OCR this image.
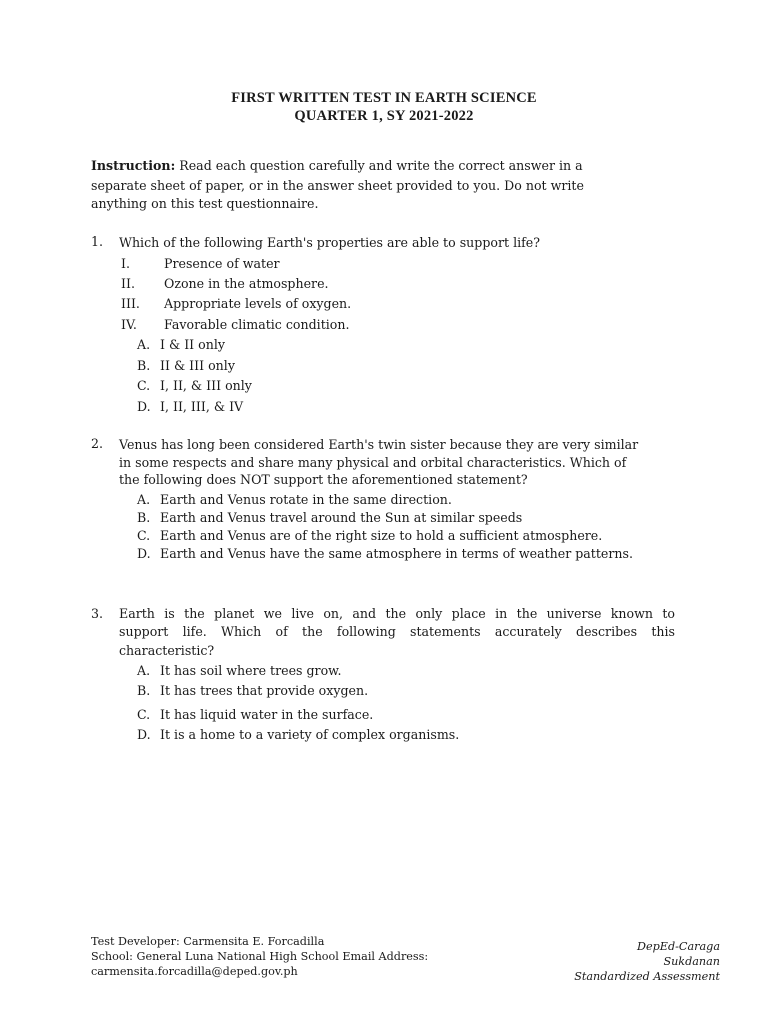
FIRST WRITTEN TEST IN EARTH SCIENCE
QUARTER 1, SY 2021-2022
Instruction: Read each question carefully and write the correct answer in a
separate sheet of paper, or in the answer sheet provided to you. Do not write
anything on this test questionnaire.
1. Which of the following Earth's properties are able to support life?
I.	Presence of water
II. Ozone in the atmosphere.
III. Appropriate levels of oxygen.
IV. Favorable climatic condition.
A. I & II only
B. II & III only
C. I, II, & III only
D. I, II, III, & IV
2. Venus has long been considered Earth's twin sister because they are very similar
in some respects and share many physical and orbital characteristics. Which of
the following does NOT support the aforementioned statement?
A. Earth and Venus rotate in the same direction.
B. Earth and Venus travel around the Sun at similar speeds
C. Earth and Venus are of the right size to hold a sufficient atmosphere.
D. Earth and Venus have the same atmosphere in terms of weather patterns.
3. Earth is the planet we live on, and the only place in the universe known to
support life. Which of the following statements accurately describes this
characteristic?
A. It has soil where trees grow.
B. It has trees that provide oxygen.
C. It has liquid water in the surface.
D. It is a home to a variety of complex organisms.
Test Developer: Carmensita E. Forcadilla
School: General Luna National High School Email Address:
carmensita.forcadilla@deped.gov.ph
DepEd-Caraga
Sukdanan
Standardized Assessment
